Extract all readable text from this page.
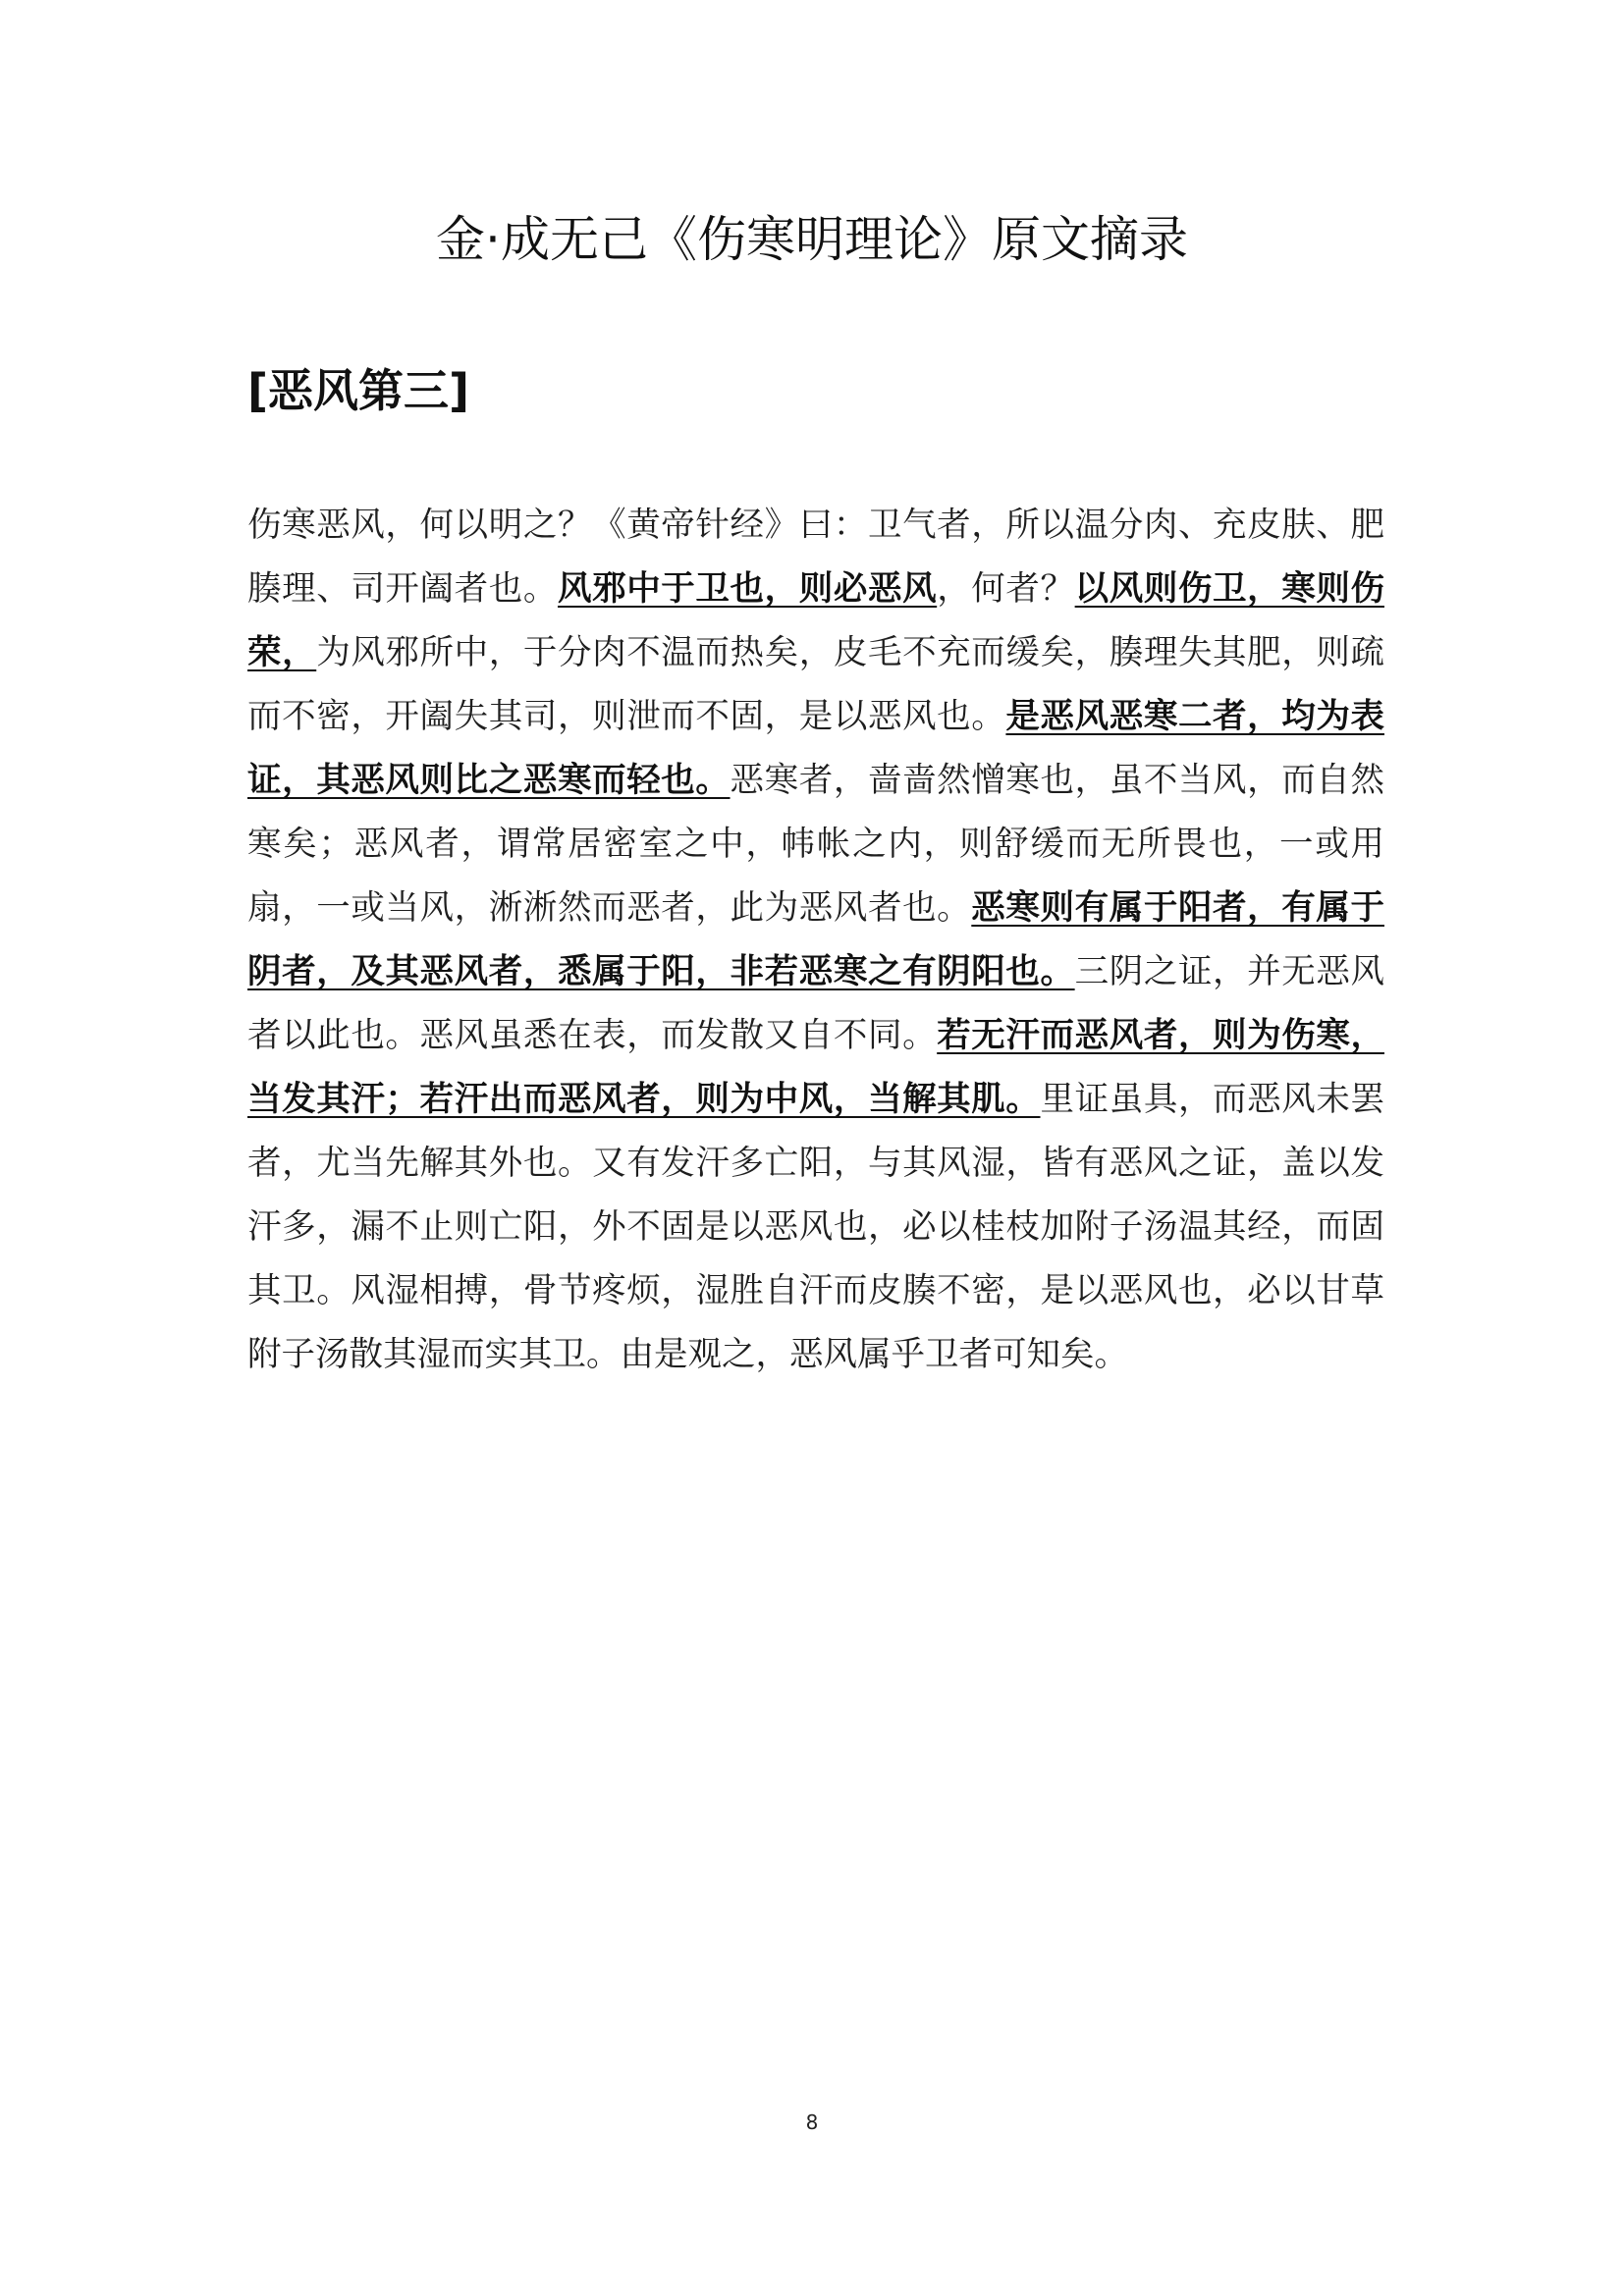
金·成无己《伤寒明理论》原文摘录
[恶风第三]

伤寒恶风，何以明之？《黄帝针经》曰：卫气者，所以温分肉、充皮肤、肥腠理、司开阖者也。风邪中于卫也，则必恶风，何者？以风则伤卫，寒则伤荣，为风邪所中，于分肉不温而热矣，皮毛不充而缓矣，腠理失其肥，则疏而不密，开阖失其司，则泄而不固，是以恶风也。是恶风恶寒二者，均为表证，其恶风则比之恶寒而轻也。恶寒者，啬啬然憎寒也，虽不当风，而自然寒矣；恶风者，谓常居密室之中，帏帐之内，则舒缓而无所畏也，一或用扇，一或当风，淅淅然而恶者，此为恶风者也。恶寒则有属于阳者，有属于阴者，及其恶风者，悉属于阳，非若恶寒之有阴阳也。三阴之证，并无恶风者以此也。恶风虽悉在表，而发散又自不同。若无汗而恶风者，则为伤寒，当发其汗；若汗出而恶风者，则为中风，当解其肌。里证虽具，而恶风未罢者，尤当先解其外也。又有发汗多亡阳，与其风湿，皆有恶风之证，盖以发汗多，漏不止则亡阳，外不固是以恶风也，必以桂枝加附子汤温其经，而固其卫。风湿相搏，骨节疼烦，湿胜自汗而皮腠不密，是以恶风也，必以甘草附子汤散其湿而实其卫。由是观之，恶风属乎卫者可知矣。

8
